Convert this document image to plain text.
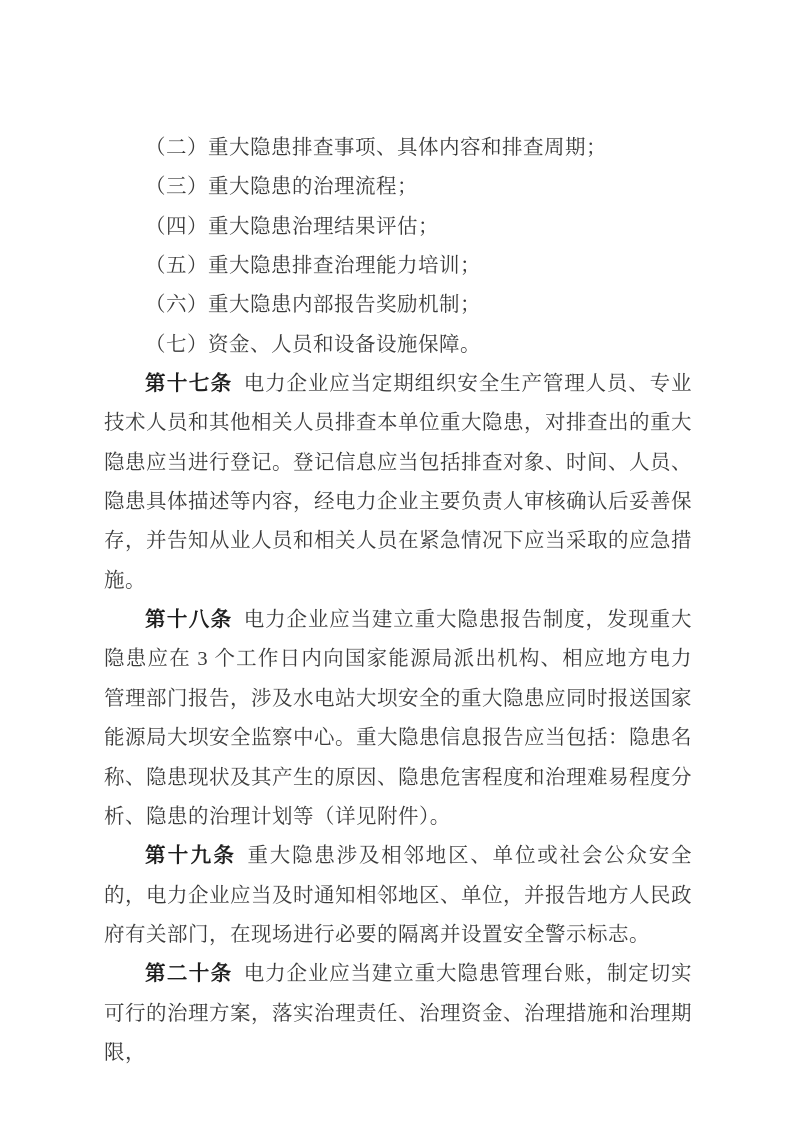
（二）重大隐患排查事项、具体内容和排查周期；

（三）重大隐患的治理流程；

（四）重大隐患治理结果评估；

（五）重大隐患排查治理能力培训；

（六）重大隐患内部报告奖励机制；

（七）资金、人员和设备设施保障。

第十七条 电力企业应当定期组织安全生产管理人员、专业技术人员和其他相关人员排查本单位重大隐患，对排查出的重大隐患应当进行登记。登记信息应当包括排查对象、时间、人员、隐患具体描述等内容，经电力企业主要负责人审核确认后妥善保存，并告知从业人员和相关人员在紧急情况下应当采取的应急措施。

第十八条 电力企业应当建立重大隐患报告制度，发现重大隐患应在 3 个工作日内向国家能源局派出机构、相应地方电力管理部门报告，涉及水电站大坝安全的重大隐患应同时报送国家能源局大坝安全监察中心。重大隐患信息报告应当包括：隐患名称、隐患现状及其产生的原因、隐患危害程度和治理难易程度分析、隐患的治理计划等（详见附件）。

第十九条 重大隐患涉及相邻地区、单位或社会公众安全的，电力企业应当及时通知相邻地区、单位，并报告地方人民政府有关部门，在现场进行必要的隔离并设置安全警示标志。

第二十条 电力企业应当建立重大隐患管理台账，制定切实可行的治理方案，落实治理责任、治理资金、治理措施和治理期限，
